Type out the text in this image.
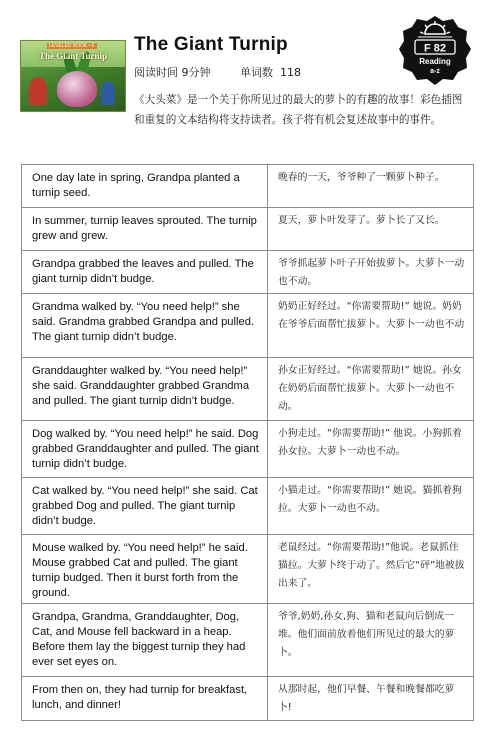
LEVELED BOOK • F
The Giant Turnip
The Giant Turnip
阅读时间 9分钟	单词数 118
《大头菜》是一个关于你所见过的最大的萝卜的有趣的故事！彩色插图和重复的文本结构将支持读者。孩子将有机会复述故事中的事件。
F 82
Reading
a-z
One day late in spring, Grandpa planted a turnip seed.	晚春的一天，爷爷种了一颗萝卜种子。

In summer, turnip leaves sprouted. The turnip grew and grew.	夏天，萝卜叶发芽了。萝卜长了又长。

Grandpa grabbed the leaves and pulled. The giant turnip didn’t budge.	爷爷抓起萝卜叶子开始拔萝卜。大萝卜一动也不动。

Grandma walked by. “You need help!” she said. Grandma grabbed Grandpa and pulled. The giant turnip didn’t budge.	奶奶正好经过。“你需要帮助!” 她说。奶奶在爷爷后面帮忙拔萝卜。大萝卜一动也不动

Granddaughter walked by. “You need help!” she said. Granddaughter grabbed Grandma and pulled. The giant turnip didn’t budge.	孙女正好经过。“你需要帮助!” 她说。孙女在奶奶后面帮忙拔萝卜。大萝卜一动也不动。

Dog walked by. “You need help!” he said. Dog grabbed Granddaughter and pulled. The giant turnip didn’t budge.	小狗走过。“你需要帮助!” 他说。小狗抓着孙女拉。大萝卜一动也不动。

Cat walked by. “You need help!” she said. Cat grabbed Dog and pulled. The giant turnip didn’t budge.	小猫走过。“你需要帮助!” 她说。猫抓着狗拉。大萝卜一动也不动。

Mouse walked by. “You need help!” he said. Mouse grabbed Cat and pulled. The giant turnip budged. Then it burst forth from the ground.	老鼠经过。“你需要帮助!”他说。老鼠抓住猫拉。大萝卜终于动了。然后它“砰”地被拔出来了。

Grandpa, Grandma, Granddaughter, Dog, Cat, and Mouse fell backward in a heap. Before them lay the biggest turnip they had ever set eyes on.	爷爷,奶奶,孙女,狗、猫和老鼠向后倒成一堆。他们面前放着他们所见过的最大的萝卜。

From then on, they had turnip for breakfast, lunch, and dinner!	从那时起，他们早餐、午餐和晚餐都吃萝卜!
